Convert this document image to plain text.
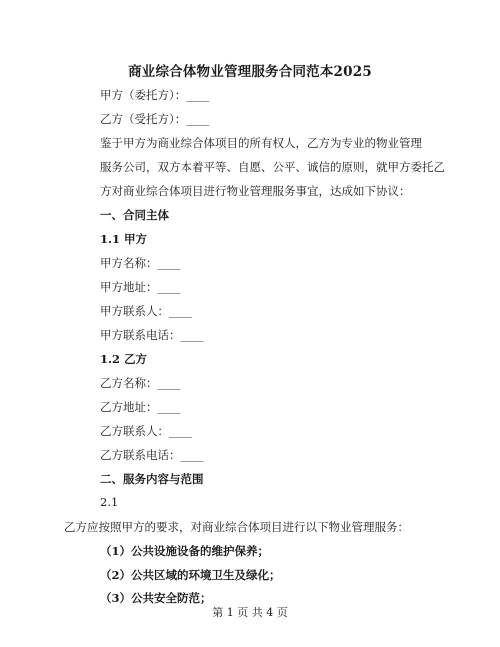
商业综合体物业管理服务合同范本2025
甲方（委托方）：____
乙方（受托方）：____
鉴于甲方为商业综合体项目的所有权人，乙方为专业的物业管理
服务公司，双方本着平等、自愿、公平、诚信的原则，就甲方委托乙
方对商业综合体项目进行物业管理服务事宜，达成如下协议：
一、合同主体
1.1 甲方
甲方名称：____
甲方地址：____
甲方联系人：____
甲方联系电话：____
1.2 乙方
乙方名称：____
乙方地址：____
乙方联系人：____
乙方联系电话：____
二、服务内容与范围
2.1
乙方应按照甲方的要求，对商业综合体项目进行以下物业管理服务：
（1）公共设施设备的维护保养；
（2）公共区域的环境卫生及绿化；
（3）公共安全防范；
第 1 页 共 4 页
